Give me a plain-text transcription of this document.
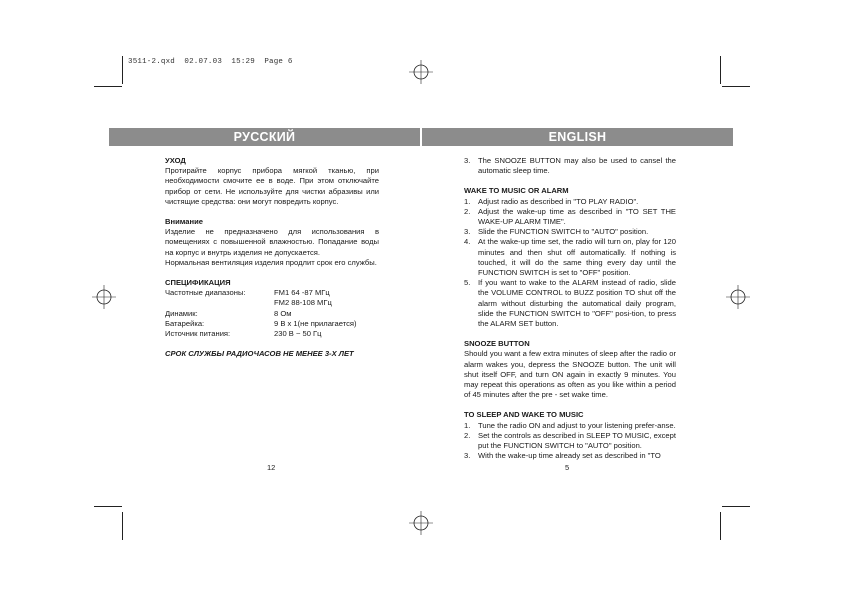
3511-2.qxd  02.07.03  15:29  Page 6
РУССКИЙ	ENGLISH

УХОД

Протирайте корпус прибора мягкой тканью, при необходимости смочите ее в воде. При этом отключайте прибор от сети. Не используйте для чистки абразивы или чистящие средства: они могут повредить корпус.

Внимание

Изделие не предназначено для использования в помещениях с повышенной влажностью. Попадание воды на корпус и внутрь изделия не допускается.

Нормальная вентиляция изделия продлит срок его службы.

СПЕЦИФИКАЦИЯ

Частотные диапазоны:	FM1 64 -87 МГц
	FM2 88-108 МГц
Динамик:	8 Ом
Батарейка:	9 В х 1(не прилагается)
Источник питания:	230 В ~ 50 Гц

СРОК СЛУЖБЫ РАДИОЧАСОВ НЕ МЕНЕЕ 3-Х ЛЕТ

12
3. The SNOOZE BUTTON may also be used to cansel the automatic sleep time.

WAKE TO MUSIC OR ALARM

1. Adjust radio as described in "TO PLAY RADIO".
2. Adjust the wake-up time as described in "TO SET THE WAKE-UP ALARM TIME".
3. Slide the FUNCTION SWITCH to "AUTO" position.
4. At the wake-up time set, the radio will turn on, play for 120 minutes and then shut off automatically. If nothing is touched, it will do the same thing every day until the FUNCTION SWITCH is set to "OFF" position.
5. If you want to wake to the ALARM instead of radio, slide the VOLUME CONTROL to BUZZ position TO shut off the alarm without disturbing the automatical daily program, slide the FUNCTION SWITCH to "OFF" posi-tion, to press the ALARM SET button.

SNOOZE BUTTON

Should you want a few extra minutes of sleep after the radio or alarm wakes you, depress the SNOOZE button. The unit will shut itself OFF, and turn ON again in exactly 9 minutes. You may repeat this operations as often as you like within a period of 45 minutes after the pre - set wake time.

TO SLEEP AND WAKE TO MUSIC

1. Tune the radio ON and adjust to your listening prefer-anse.
2. Set the controls as described in SLEEP TO MUSIC, except put the FUNCTION SWITCH to "AUTO" position.
3. With the wake-up time already set as described in "TO
5
